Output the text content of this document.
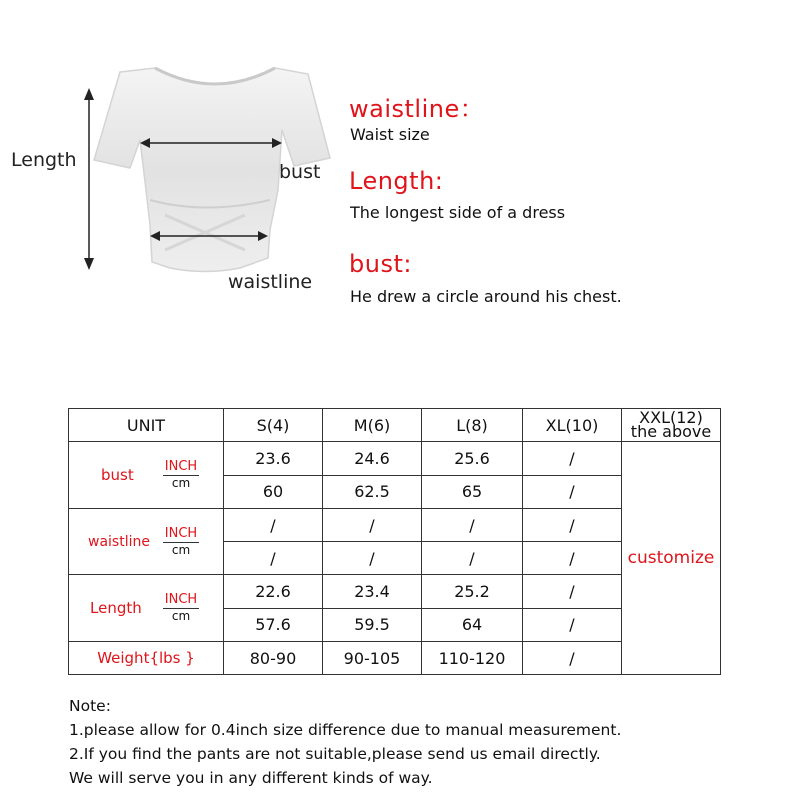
Length
bust
waistline
waistline：
Waist size
Length:
The longest side of a dress
bust:
He drew a circle around his chest.
UNIT	S(4)	M(6)	L(8)	XL(10)	XXL(12)
the above

bust INCH
cm	23.6	24.6	25.6	/	customize
	60	62.5	65	/	

waistline
INCH
cm	/	/	/	/	
	/	/	/	/	

Length INCH
cm	22.6	23.4	25.2	/	
	57.6	59.5	64	/	
Weight{lbs }	80-90	90-105	110-120	/	
Note:
1.please allow for 0.4inch size difference due to manual measurement.
2.If you find the pants are not suitable,please send us email directly.
We will serve you in any different kinds of way.
